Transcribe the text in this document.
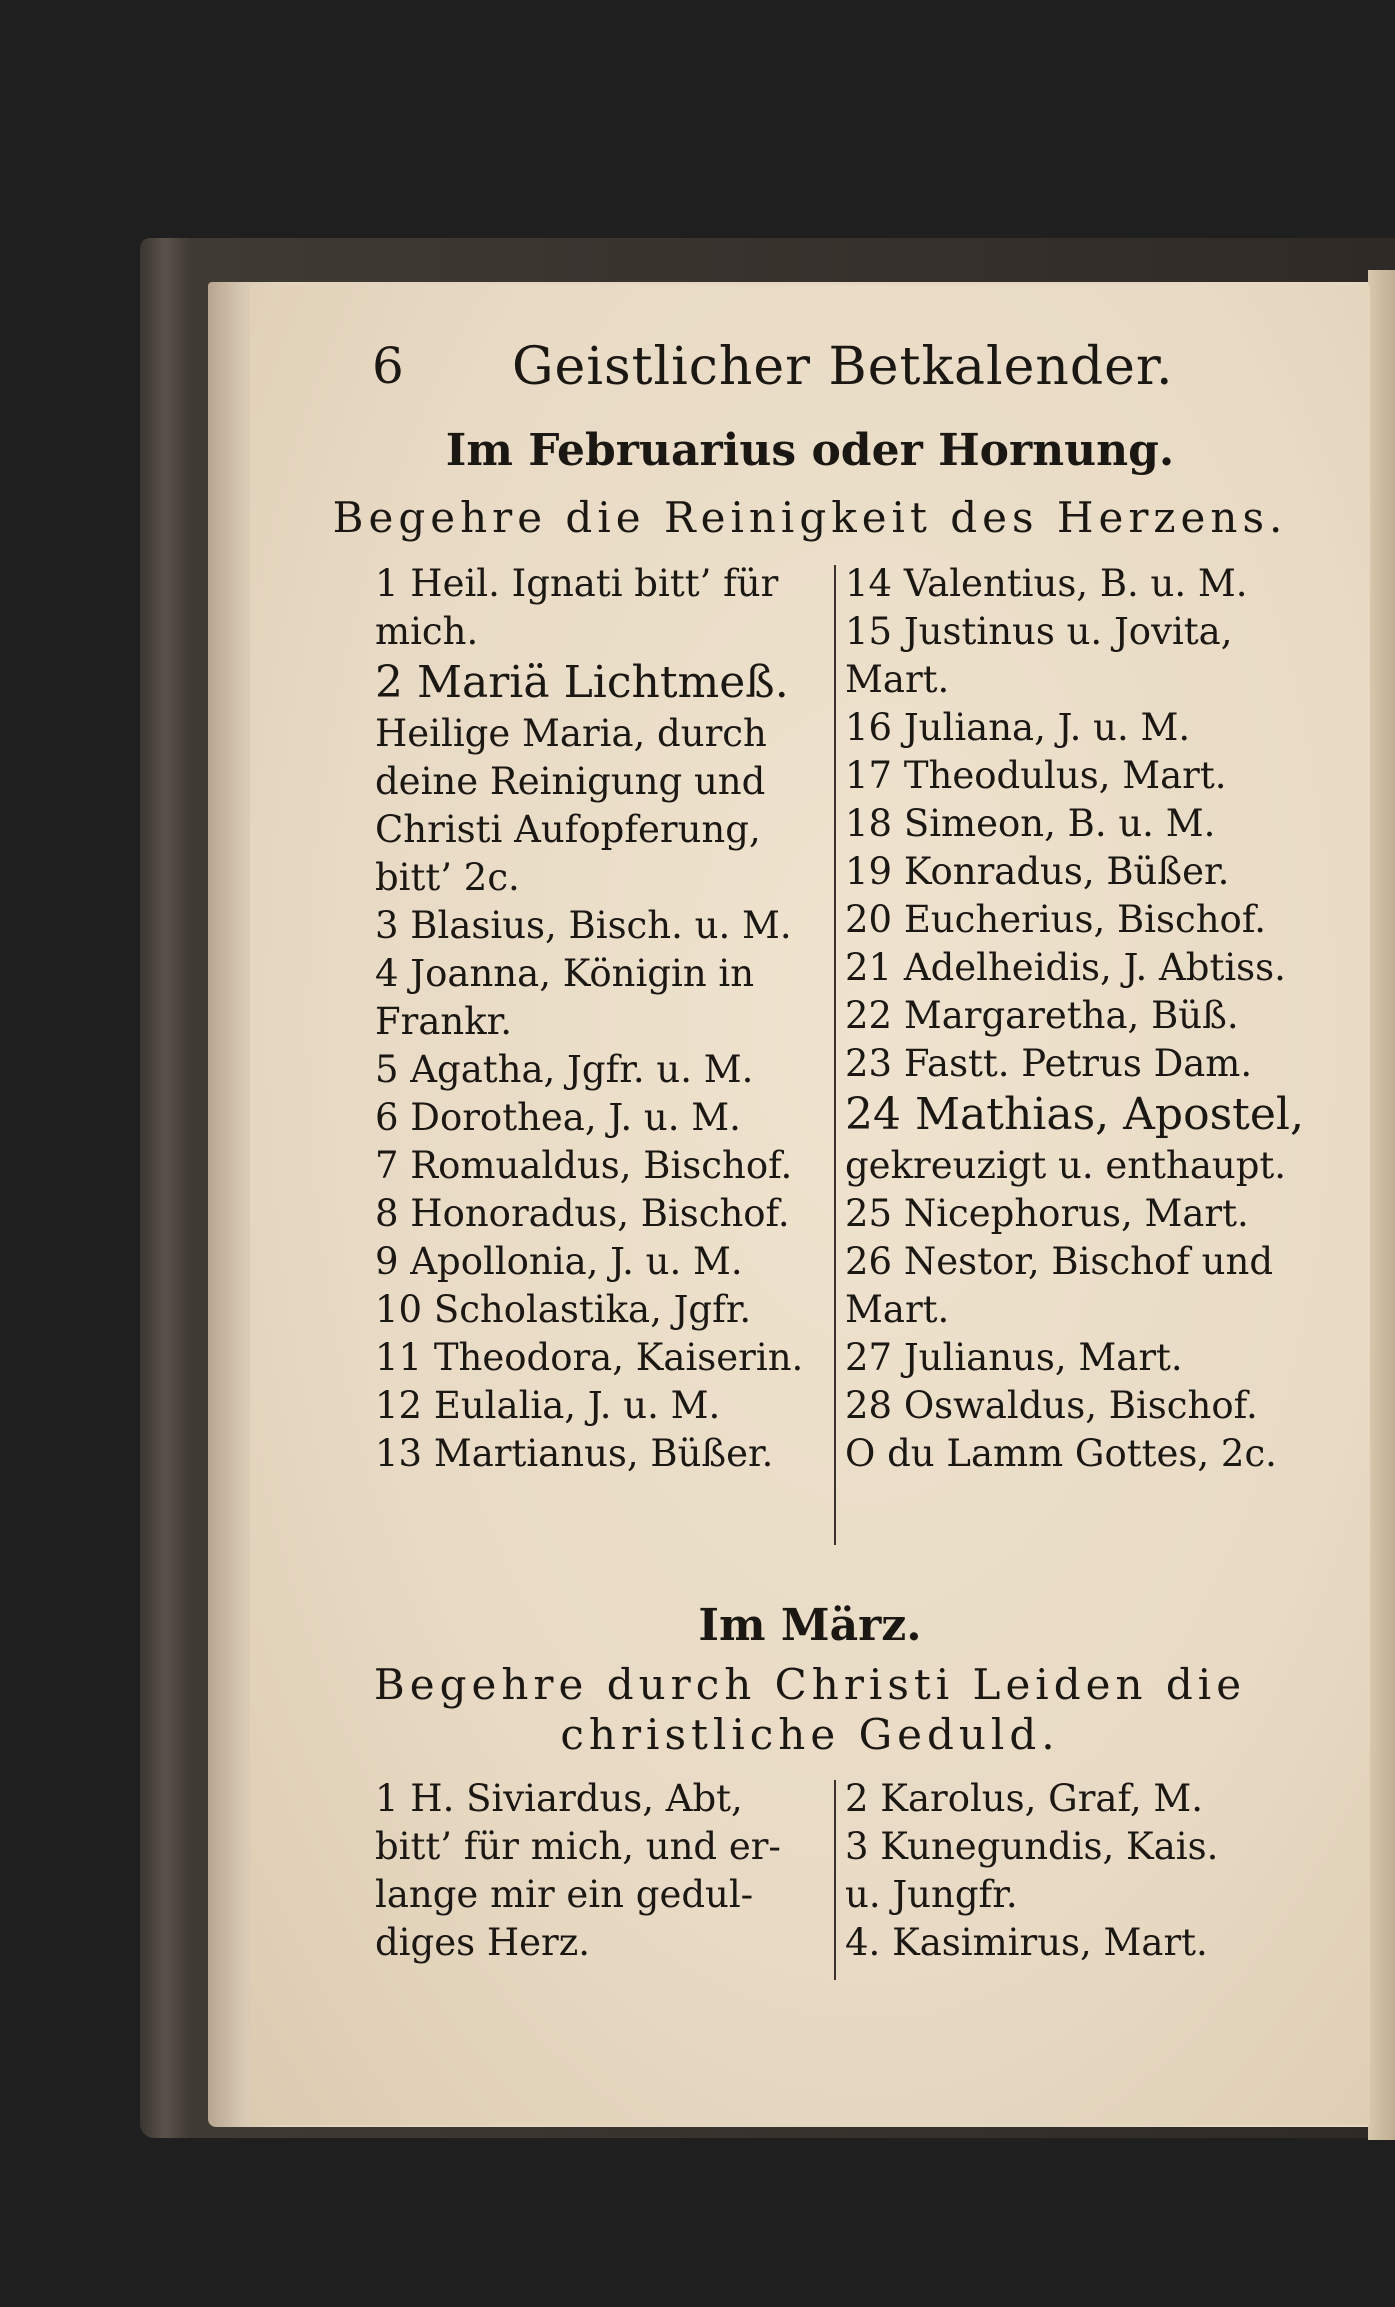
6 Geistlicher Betkalender.
Im Februarius oder Hornung.
Begehre die Reinigkeit des Herzens.
1 Heil. Ignati bitt’ für
mich.
2 Mariä Lichtmeß.
Heilige Maria, durch
deine Reinigung und
Christi Aufopferung,
bitt’ 2c.
3 Blasius, Bisch. u. M.
4 Joanna, Königin in
Frankr.
5 Agatha, Jgfr. u. M.
6 Dorothea, J. u. M.
7 Romualdus, Bischof.
8 Honoradus, Bischof.
9 Apollonia, J. u. M.
10 Scholastika, Jgfr.
11 Theodora, Kaiserin.
12 Eulalia, J. u. M.
13 Martianus, Büßer.
14 Valentius, B. u. M.
15 Justinus u. Jovita,
Mart.
16 Juliana, J. u. M.
17 Theodulus, Mart.
18 Simeon, B. u. M.
19 Konradus, Büßer.
20 Eucherius, Bischof.
21 Adelheidis, J. Abtiss.
22 Margaretha, Büß.
23 Fastt. Petrus Dam.
24 Mathias, Apostel,
gekreuzigt u. enthaupt.
25 Nicephorus, Mart.
26 Nestor, Bischof und
Mart.
27 Julianus, Mart.
28 Oswaldus, Bischof.
O du Lamm Gottes, 2c.
Im März.
Begehre durch Christi Leiden die
christliche Geduld.
1 H. Siviardus, Abt,
bitt’ für mich, und er-
lange mir ein gedul-
diges Herz.
2 Karolus, Graf, M.
3 Kunegundis, Kais.
u. Jungfr.
4. Kasimirus, Mart.
